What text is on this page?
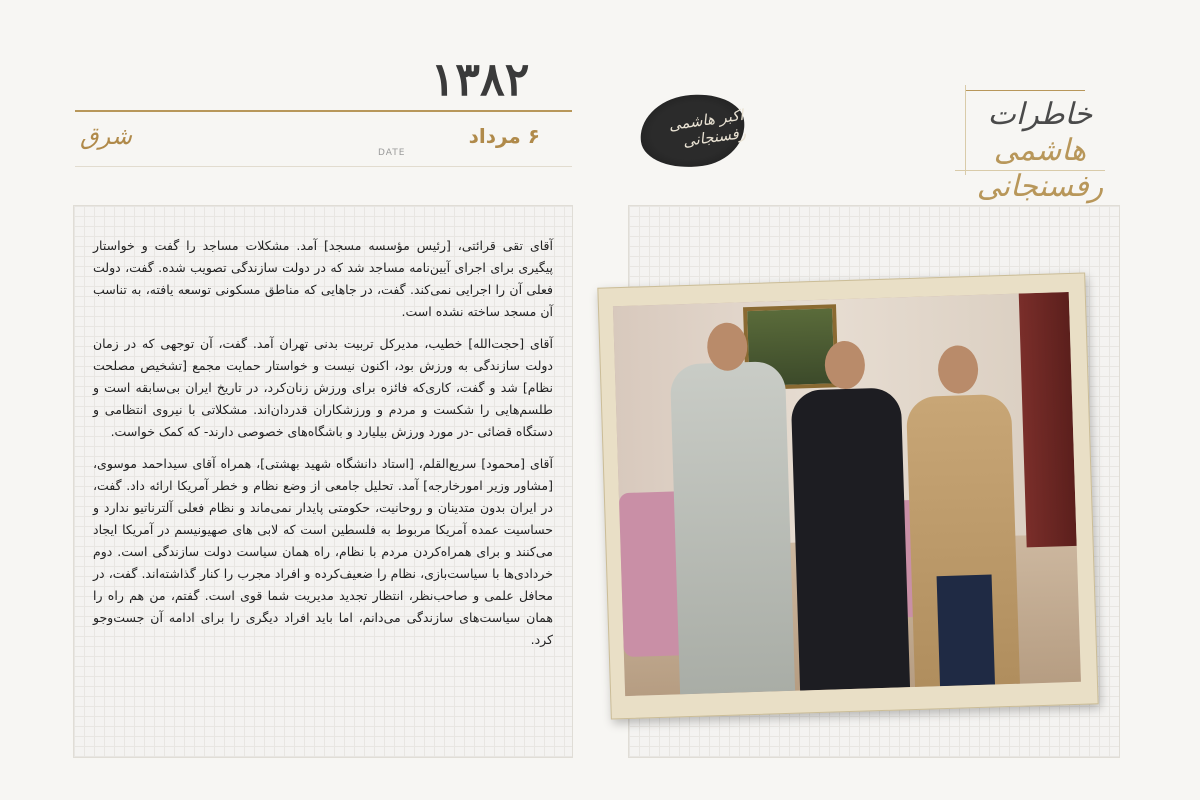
۱۳۸۲
شرق
DATE
۶ مرداد
اکبر هاشمی رفسنجانی
خاطرات
هاشمی رفسنجانی

آقای تقی قرائتی، [رئیس مؤسسه مسجد] آمد. مشکلات مساجد را گفت و خواستار پیگیری برای اجرای آیین‌نامه مساجد شد که در دولت سازندگی تصویب شده. گفت، دولت فعلی آن را اجرایی نمی‌کند. گفت، در جاهایی که مناطق مسکونی توسعه یافته، به تناسب آن مسجد ساخته نشده است.

آقای [حجت‌الله] خطیب، مدیرکل تربیت بدنی تهران آمد. گفت، آن توجهی که در زمان دولت سازندگی به ورزش بود، اکنون نیست و خواستار حمایت مجمع [تشخیص مصلحت نظام] شد و گفت، کاری‌که فائزه برای ورزش زنان‌کرد، در تاریخ ایران بی‌سابقه است و طلسم‌هایی را شکست و مردم و ورزشکاران قدردان‌اند. مشکلاتی با نیروی انتظامی و دستگاه قضائی -در مورد ورزش بیلیارد و باشگاه‌های خصوصی دارند- که کمک خواست.

آقای [محمود] سریع‌القلم، [استاد دانشگاه شهید بهشتی]، همراه آقای سیداحمد موسوی، [مشاور وزیر امورخارجه] آمد. تحلیل جامعی از وضع نظام و خطر آمریکا ارائه داد. گفت، در ایران بدون متدینان و روحانیت، حکومتی پایدار نمی‌ماند و نظام فعلی آلترناتیو ندارد و حساسیت عمده آمریکا مربوط به فلسطین است که لابی های صهیونیسم در آمریکا ایجاد می‌کنند و برای همراه‌کردن مردم با نظام، راه همان سیاست دولت سازندگی است. دوم خردادی‌ها با سیاست‌بازی، نظام را ضعیف‌کرده و افراد مجرب را کنار گذاشته‌اند. گفت، در محافل علمی و صاحب‌نظر، انتظار تجدید مدیریت شما قوی است. گفتم، من هم راه را همان سیاست‌های سازندگی می‌دانم، اما باید افراد دیگری را برای ادامه آن جست‌وجو کرد.
